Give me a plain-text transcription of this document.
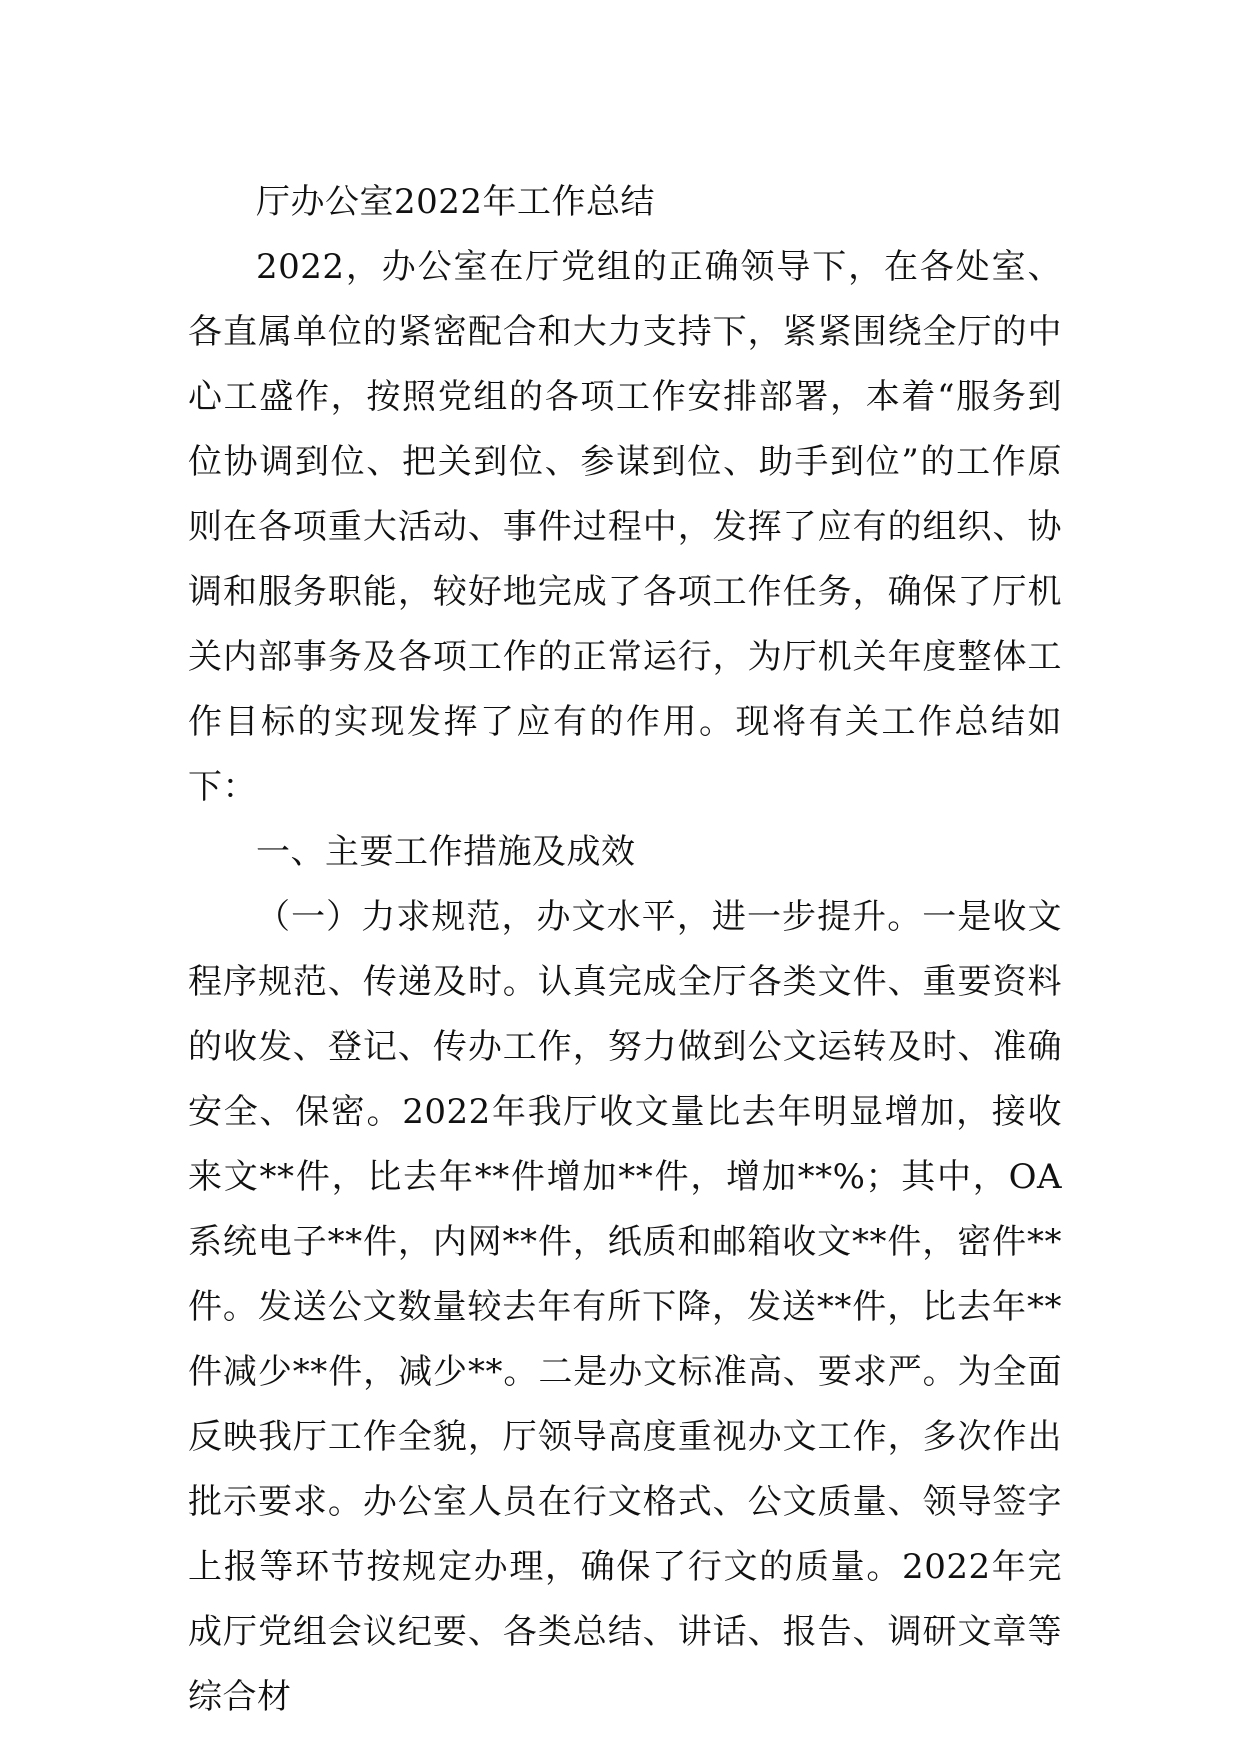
厅办公室2022年工作总结

2022，办公室在厅党组的正确领导下，在各处室、各直属单位的紧密配合和大力支持下，紧紧围绕全厅的中心工盛作，按照党组的各项工作安排部署，本着“服务到位协调到位、把关到位、参谋到位、助手到位”的工作原则在各项重大活动、事件过程中，发挥了应有的组织、协调和服务职能，较好地完成了各项工作任务，确保了厅机关内部事务及各项工作的正常运行，为厅机关年度整体工作目标的实现发挥了应有的作用。现将有关工作总结如下：

一、主要工作措施及成效

（一）力求规范，办文水平，进一步提升。一是收文程序规范、传递及时。认真完成全厅各类文件、重要资料的收发、登记、传办工作，努力做到公文运转及时、准确安全、保密。2022年我厅收文量比去年明显增加，接收来文**件，比去年**件增加**件，增加**%；其中，OA系统电子**件，内网**件，纸质和邮箱收文**件，密件**件。发送公文数量较去年有所下降，发送**件，比去年**件减少**件，减少**。二是办文标准高、要求严。为全面反映我厅工作全貌，厅领导高度重视办文工作，多次作出批示要求。办公室人员在行文格式、公文质量、领导签字上报等环节按规定办理，确保了行文的质量。2022年完成厅党组会议纪要、各类总结、讲话、报告、调研文章等综合材
